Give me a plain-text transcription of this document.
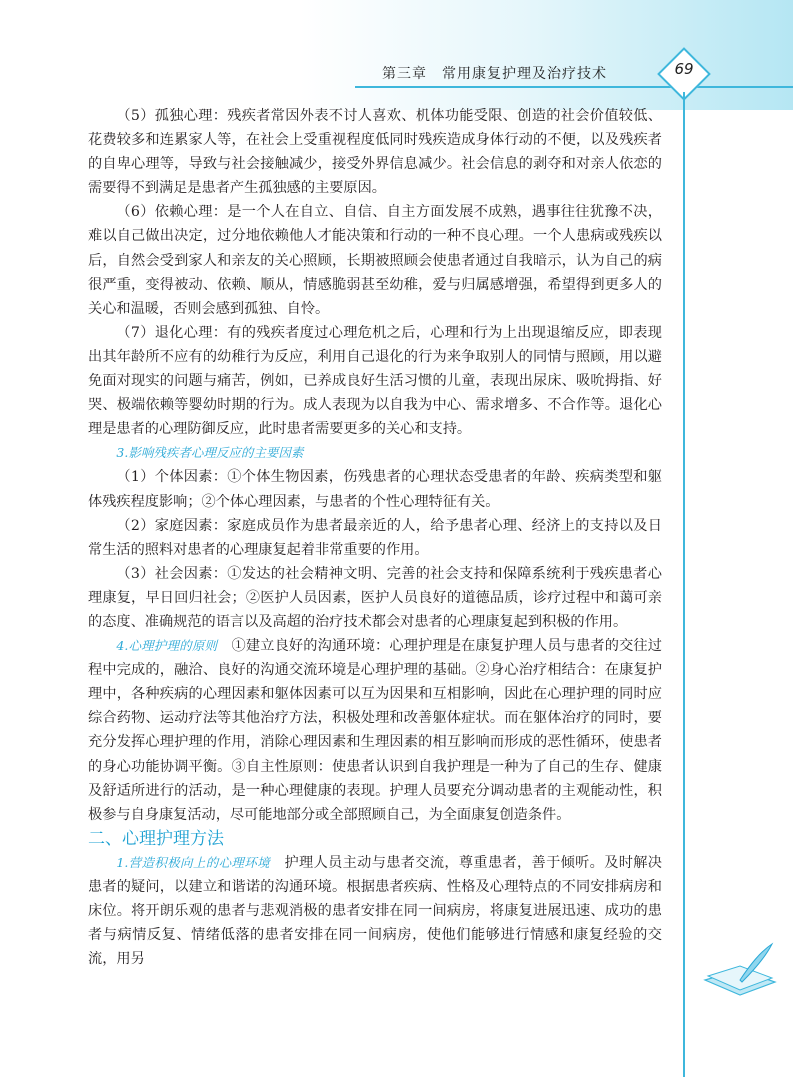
第三章　常用康复护理及治疗技术	69

（5）孤独心理：残疾者常因外表不讨人喜欢、机体功能受限、创造的社会价值较低、花费较多和连累家人等，在社会上受重视程度低同时残疾造成身体行动的不便，以及残疾者的自卑心理等，导致与社会接触减少，接受外界信息减少。社会信息的剥夺和对亲人依恋的需要得不到满足是患者产生孤独感的主要原因。

（6）依赖心理：是一个人在自立、自信、自主方面发展不成熟，遇事往往犹豫不决，难以自己做出决定，过分地依赖他人才能决策和行动的一种不良心理。一个人患病或残疾以后，自然会受到家人和亲友的关心照顾，长期被照顾会使患者通过自我暗示，认为自己的病很严重，变得被动、依赖、顺从，情感脆弱甚至幼稚，爱与归属感增强，希望得到更多人的关心和温暖，否则会感到孤独、自怜。

（7）退化心理：有的残疾者度过心理危机之后，心理和行为上出现退缩反应，即表现出其年龄所不应有的幼稚行为反应，利用自己退化的行为来争取别人的同情与照顾，用以避免面对现实的问题与痛苦，例如，已养成良好生活习惯的儿童，表现出尿床、吸吮拇指、好哭、极端依赖等婴幼时期的行为。成人表现为以自我为中心、需求增多、不合作等。退化心理是患者的心理防御反应，此时患者需要更多的关心和支持。

3.影响残疾者心理反应的主要因素

（1）个体因素：①个体生物因素，伤残患者的心理状态受患者的年龄、疾病类型和躯体残疾程度影响；②个体心理因素，与患者的个性心理特征有关。

（2）家庭因素：家庭成员作为患者最亲近的人，给予患者心理、经济上的支持以及日常生活的照料对患者的心理康复起着非常重要的作用。

（3）社会因素：①发达的社会精神文明、完善的社会支持和保障系统利于残疾患者心理康复，早日回归社会；②医护人员因素，医护人员良好的道德品质，诊疗过程中和蔼可亲的态度、准确规范的语言以及高超的治疗技术都会对患者的心理康复起到积极的作用。

4.心理护理的原则　 ①建立良好的沟通环境：心理护理是在康复护理人员与患者的交往过程中完成的，融洽、良好的沟通交流环境是心理护理的基础。②身心治疗相结合：在康复护理中，各种疾病的心理因素和躯体因素可以互为因果和互相影响，因此在心理护理的同时应综合药物、运动疗法等其他治疗方法，积极处理和改善躯体症状。而在躯体治疗的同时，要充分发挥心理护理的作用，消除心理因素和生理因素的相互影响而形成的恶性循环，使患者的身心功能协调平衡。③自主性原则：使患者认识到自我护理是一种为了自己的生存、健康及舒适所进行的活动，是一种心理健康的表现。护理人员要充分调动患者的主观能动性，积极参与自身康复活动，尽可能地部分或全部照顾自己，为全面康复创造条件。

二、心理护理方法

1.营造积极向上的心理环境　 护理人员主动与患者交流，尊重患者，善于倾听。及时解决患者的疑问，以建立和谐诺的沟通环境。根据患者疾病、性格及心理特点的不同安排病房和床位。将开朗乐观的患者与悲观消极的患者安排在同一间病房，将康复进展迅速、成功的患者与病情反复、情绪低落的患者安排在同一间病房，使他们能够进行情感和康复经验的交流，用另
